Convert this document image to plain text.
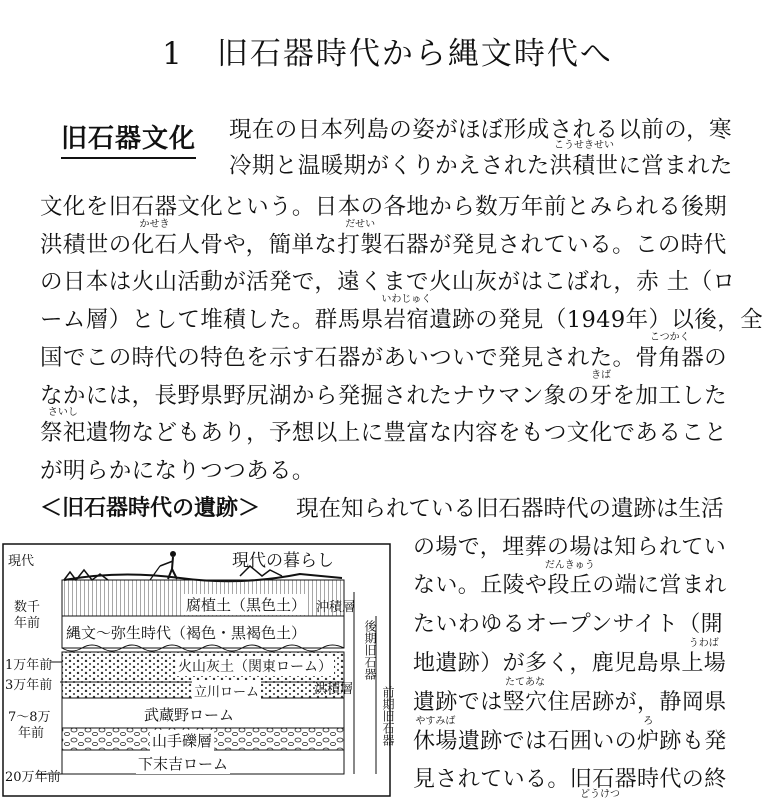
1　旧石器時代から縄文時代へ
旧石器文化 現在の日本列島の姿がほぼ形成される以前の，寒
冷期と温暖期がくりかえされた洪積世
こうせきせい
に営まれた
文化を旧石器文化という。日本の各地から数万年前とみられる後期
洪積世の化石
かせき
人骨や，簡単な打製
だせい
石器が発見されている。この時代
の日本は火山活動が活発で，遠くまで火山灰がはこばれ，赤 土（ロ
ーム層）として堆積した。群馬県岩宿
いわじゅく
遺跡の発見（1949年）以後，全
国でこの時代の特色を示す石器があいついで発見された。骨角器
こつかく
の
なかには，長野県野尻湖から発掘されたナウマン象の牙
きば
を加工した
祭祀
さいし
遺物などもあり，予想以上に豊富な内容をもつ文化であること
が明らかになりつつある。
＜旧石器時代の遺跡＞ 現在知られている旧石器時代の遺跡は生活
の場で，埋葬の場は知られてい
ない。丘陵や段丘
だんきゅう
の端に営まれ
たいわゆるオープンサイト（開
地遺跡）が多く，鹿児島県上場
うわば
遺跡では竪穴
たてあな
住居跡が，静岡県
休場
やすみば
遺跡では石囲いの炉
ろ
跡も発
見されている。旧石器時代の終
どうけつ
現代	現代の暮らし
数千
年前
1万年前
3万年前
7〜8万
年前
20万年前
腐植土（黒色土）
縄文〜弥生時代（褐色・黒褐色土）
火山灰土（関東ローム）
立川ローム
武蔵野ローム
山手礫層
下末吉ローム
沖積層
洪積層
後期旧石器
前期旧石器
